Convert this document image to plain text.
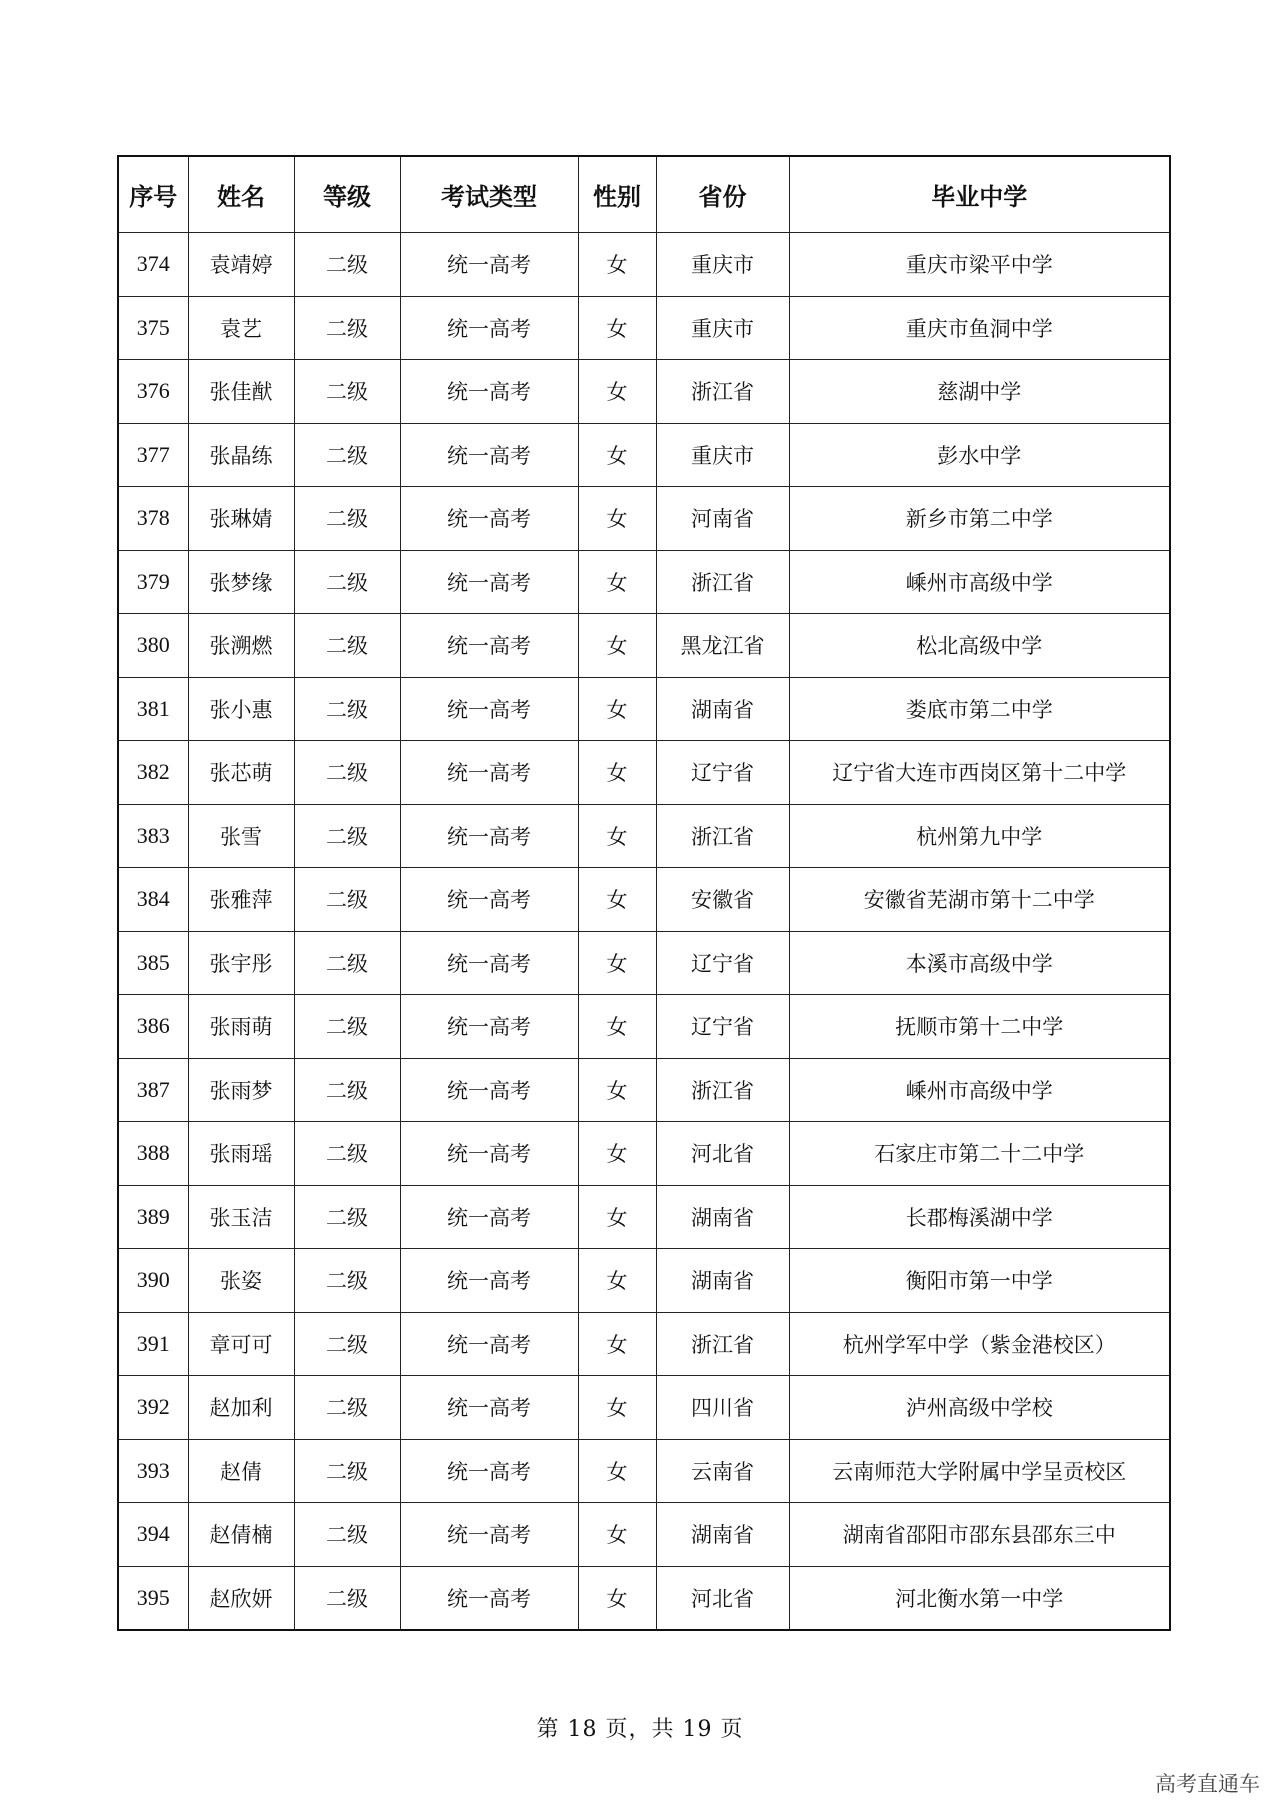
序号	姓名	等级	考试类型	性别	省份	毕业中学
374	袁靖婷	二级	统一高考	女	重庆市	重庆市梁平中学
375	袁艺	二级	统一高考	女	重庆市	重庆市鱼洞中学
376	张佳猷	二级	统一高考	女	浙江省	慈湖中学
377	张晶练	二级	统一高考	女	重庆市	彭水中学
378	张琳婧	二级	统一高考	女	河南省	新乡市第二中学
379	张梦缘	二级	统一高考	女	浙江省	嵊州市高级中学
380	张溯燃	二级	统一高考	女	黑龙江省	松北高级中学
381	张小惠	二级	统一高考	女	湖南省	娄底市第二中学
382	张芯萌	二级	统一高考	女	辽宁省	辽宁省大连市西岗区第十二中学
383	张雪	二级	统一高考	女	浙江省	杭州第九中学
384	张雅萍	二级	统一高考	女	安徽省	安徽省芜湖市第十二中学
385	张宇彤	二级	统一高考	女	辽宁省	本溪市高级中学
386	张雨萌	二级	统一高考	女	辽宁省	抚顺市第十二中学
387	张雨梦	二级	统一高考	女	浙江省	嵊州市高级中学
388	张雨瑶	二级	统一高考	女	河北省	石家庄市第二十二中学
389	张玉洁	二级	统一高考	女	湖南省	长郡梅溪湖中学
390	张姿	二级	统一高考	女	湖南省	衡阳市第一中学
391	章可可	二级	统一高考	女	浙江省	杭州学军中学（紫金港校区）
392	赵加利	二级	统一高考	女	四川省	泸州高级中学校
393	赵倩	二级	统一高考	女	云南省	云南师范大学附属中学呈贡校区
394	赵倩楠	二级	统一高考	女	湖南省	湖南省邵阳市邵东县邵东三中
395	赵欣妍	二级	统一高考	女	河北省	河北衡水第一中学
第 18 页，共 19 页
高考直通车
